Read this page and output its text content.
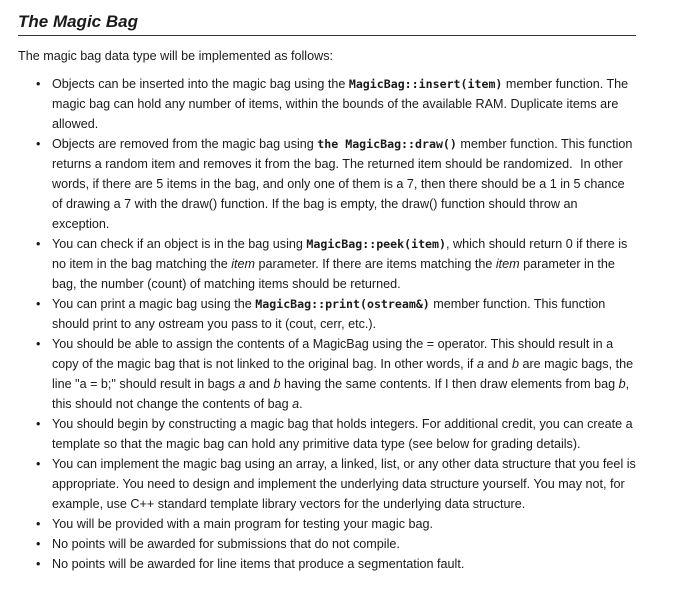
The Magic Bag
The magic bag data type will be implemented as follows:
• Objects can be inserted into the magic bag using the MagicBag::insert(item) member function. The magic bag can hold any number of items, within the bounds of the available RAM. Duplicate items are allowed.
• Objects are removed from the magic bag using the MagicBag::draw() member function. This function returns a random item and removes it from the bag. The returned item should be randomized. In other words, if there are 5 items in the bag, and only one of them is a 7, then there should be a 1 in 5 chance of drawing a 7 with the draw() function. If the bag is empty, the draw() function should throw an exception.
• You can check if an object is in the bag using MagicBag::peek(item), which should return 0 if there is no item in the bag matching the item parameter. If there are items matching the item parameter in the bag, the number (count) of matching items should be returned.
• You can print a magic bag using the MagicBag::print(ostream&) member function. This function should print to any ostream you pass to it (cout, cerr, etc.).
• You should be able to assign the contents of a MagicBag using the = operator. This should result in a copy of the magic bag that is not linked to the original bag. In other words, if a and b are magic bags, the line "a = b;" should result in bags a and b having the same contents. If I then draw elements from bag b, this should not change the contents of bag a.
• You should begin by constructing a magic bag that holds integers. For additional credit, you can create a template so that the magic bag can hold any primitive data type (see below for grading details).
• You can implement the magic bag using an array, a linked, list, or any other data structure that you feel is appropriate. You need to design and implement the underlying data structure yourself. You may not, for example, use C++ standard template library vectors for the underlying data structure.
• You will be provided with a main program for testing your magic bag.
• No points will be awarded for submissions that do not compile.
• No points will be awarded for line items that produce a segmentation fault.
